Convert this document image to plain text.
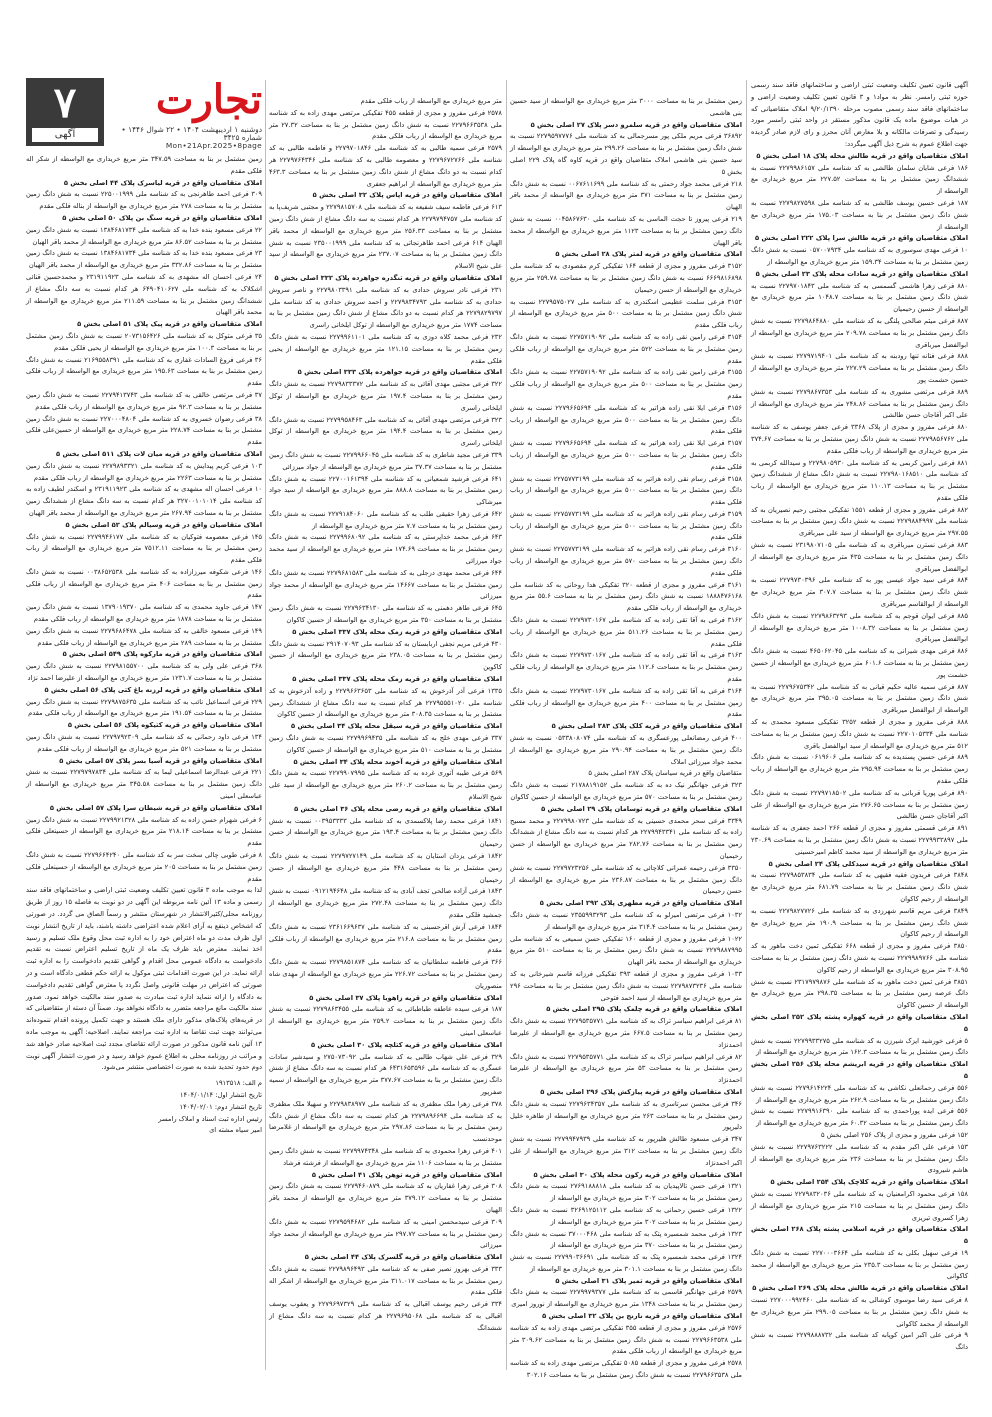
۷
آگهی
تجارت
دوشنبه ۱ اردیبهشت ۱۴۰۴ • ۲۲ شوال ۱۴۴۶ • شماره ۳۴۲۵
Mon•21Apr.2025•8page

آگهی قانون تعیین تکلیف وضعیت ثبتی اراضی و ساختمانهای فاقد سند رسمی حوزه ثبتی رامسر. نظر به مواد۱ و ۳ قانون تعیین تکلیف وضعیت اراضی و ساختمانهای فاقد سند رسمی مصوب مرحله ۹/۲۰/۱۳۹۰ املاک متقاضیانی که در هیات موضوع ماده یک قانون مذکور مستقر در واحد ثبتی رامسر مورد رسیدگی و تصرفات مالکانه و بلا معارض آنان محرز و رای لازم صادر گردیده جهت اطلاع عموم به شرح ذیل آگهی میگردد:

املاک متقاضیان واقع در قریه طالش محله پلاک ۱۸ اصلی بخش ۵

۱۸۶ فرعی شایان سلمان طالشی به کد شناسه ملی ۲۲۷۹۹۸۶۱۵۷ نسبت به ششدانگ زمین مشتمل بر بنا به مساحت ۲۲۷.۵۲ متر مربع خریداری مع الواسطه از

۱۸۷ فرعی حسین یوسف طالشی به کد شناسه ملی ۲۲۷۹۸۲۷۵۹۸ نسبت به شش دانگ زمین مشتمل بر بنا به مساحت ۱۷۵.۰۳ متر مربع خریداری مع الواسطه از

املاک متقاضیان واقع در قریه طالش سرا پلاک ۲۲۲ اصلی بخش ۵

۱۰ فرعی مهدی سوسوری به کد شناسه ملی ۰۵۷۰۰۷۹۳۴ نسبت به شش دانگ زمین مشتمل بر بنا به مساحت ۱۵۹.۳۴ متر مربع خریداری مع الواسطه از

املاک متقاضیان واقع در قریه سادات محله پلاک ۲۳ اصلی بخش ۵

۸۸۰ فرعی زهرا هاشمی گسمسی به کد شناسه ملی ۲۲۷۹۷۰۱۸۴۳ نسبت به شش دانگ زمین مشتمل بر بنا به مساحت ۱۰۴۸.۷ متر مربع خریداری مع الواسطه از حسین رحیمیان

۸۸۷ فرعی میثم صالحی پلنگی به کد شناسه ملی ۲۲۷۹۸۶۴۸۸۰ نسبت به شش دانگ زمین مشتمل بر بنا به مساحت ۲۰۹.۷۸ متر مربع خریداری مع الواسطه از ابوالفضل میرباقری

۸۸۸ فرعی فتانه تنها رودبنه به کد شناسه ملی ۲۲۷۹۷۱۹۴۰۱ نسبت به شش دانگ زمین مشتمل بر بنا به مساحت ۲۲۷.۲۹ متر مربع خریداری مع الواسطه از حسین حشمت پور

۸۸۹ فرعی مرتضی مشوری به کد شناسه ملی ۲۲۷۹۸۶۷۳۵۳ نسبت به شش دانگ زمین مشتمل بر بنا به مساحت ۲۴۸.۸۶ متر مربع خریداری مع الواسطه از علی اکبر آقاجان حسن طالشی

۸۸۰ فرعی مفروز و مجزی از پلاک ۳۳۶۸ فرعی جعفر یوسفی به کد شناسه ملی ۲۲۷۹۸۵۶۷۶۲ نسبت به شش دانگ زمین مشتمل بر بنا به مساحت ۳۷۴.۶۷ متر مربع خریداری مع الواسطه از رباب فلکی مقدم

۸۸۱ فرعی رامین کربمی به کد شناسه ملی ۲۲۷۹۸۰۵۹۳۰ و سیدالله کربمی به کد شناسه ملی ۲۲۷۹۸۰۱۶۸۵۱۰ نسبت به شش دانگ مشاع از ششدانگ زمین مشتمل بر بنا به مساحت ۱۱۰.۱۳ متر مربع خریداری مع الواسطه از رباب فلکی مقدم

۸۸۲ فرعی مفروز و مجزی از قطعه ۱۵۵۱ تفکیکی مجتبی رحیم نصیریان به کد شناسه ملی ۲۲۷۹۸۸۴۹۹۷ نسبت به شش دانگ زمین مشتمل بر بنا به مساحت ۲۹۷.۵۵ متر مربع خریداری مع الواسطه از سید علی میرباقری

۸۸۳ فرعی نسترن میرباقری به کد شناسه ملی ۲۳۱۹۸۰۷۱۰۵ نسبت به شش دانگ زمین مشتمل بر بنا به مساحت ۴۳۵ متر مربع خریداری مع الواسطه از ابوالفضل میرباقری

۸۸۴ فرعی سید جواد عیسی پور به کد شناسه ملی ۲۲۷۹۷۳۰۳۹۶ نسبت به شش دانگ زمین مشتمل بر بنا به مساحت ۳۰۷.۷ متر مربع خریداری مع الواسطه از ابوالقاسم میرباقری

۸۸۵ فرعی ایوان قوجم به کد شناسه ملی ۲۲۷۹۸۶۳۲۹۳ نسبت به شش دانگ زمین مشتمل بر بنا به مساحت ۱۰۰۸.۳۲ متر مربع خریداری مع الواسطه از ابوالفضل میرباقری

۸۸۶ فرعی مهدی شیرانی به کد شناسه ملی ۴۶۵۰۶۲۰۴۵ نسبت به شش دانگ زمین مشتمل بر بنا به مساحت ۶۰۱.۶ متر مربع خریداری مع الواسطه از حسین حشمت پور

۸۸۷ فرعی سمیه عالیه حکیم قیانی به کد شناسه ملی ۲۲۷۹۶۷۵۳۴۲ نسبت به شش دانگ زمین مشتمل بر بنا به مساحت ۳۹۵.۰۵ متر مربع خریداری مع الواسطه از ابوالفضل میرباقری

۸۸۸ فرعی مفروز و مجزی از قطعه ۳۲۵۲ تفکیکی مسعود محمدی به کد شناسه ملی ۲۲۷۰۱۰۵۳۳۴ نسبت به شش دانگ زمین مشتمل بر بنا به مساحت ۵۱۲ متر مربع خریداری مع الواسطه از سید ابوالفضل باقری

۸۸۹ فرعی حسین پسندیده به کد شناسه ملی ۰۶۱۹۶۰۶ نسبت به شش دانگ زمین مشتمل بر بنا به مساحت ۲۹۵.۹۴ متر مربع خریداری مع الواسطه از رباب فلکی مقدم

۸۹۰ فرعی پوریا قربانی به کد شناسه ملی ۲۲۷۹۷۱۸۵۰۲ نسبت به شش دانگ زمین مشتمل بر بنا به مساحت ۲۷۶.۶۵ متر مربع خریداری مع الواسطه از علی اکبر آقاجان حسن طالشی

۸۹۱ فرعی قسمتی مفروز و مجزی از قطعه ۲۶۶ احمد جعفری به کد شناسه ملی ۲۲۷۹۹۳۳۸۹۷ نسبت به شش دانگ زمین مشتمل بر بنا به مساحت ۲۳۰.۶۹ متر مربع خریداری مع الواسطه از سید محمد کاظم امیرحسینی

املاک متقاضیان واقع در قریه سیدکلی پلاک ۲۴ اصلی بخش ۵

۳۸۴۸ فرعی فریدون فقیه فقیهی به کد شناسه ملی ۲۲۷۹۸۵۳۸۳۴ نسبت به شش دانگ زمین مشتمل بر بنا به مساحت ۶۸۱.۷۹ متر مربع خریداری مع الواسطه از رحیم کاکوان

۳۸۴۹ فرعی مریم قاسم شهرزدی به کد شناسه ملی ۲۲۷۹۸۲۷۷۲۶ نسبت به شش دانگ زمین مشتمل بر بنا به مساحت ۱۹۰.۹ متر مربع خریداری مع الواسطه از رحیم کاکوان

۳۸۵۰ فرعی مفروز و مجزی از قطعه ۶۶۸ تفکیکی ثمین دخت ماهور به کد شناسه ملی ۲۲۷۹۹۸۹۷۶۶ نسبت به شش دانگ زمین مشتمل بر بنا به مساحت ۳۰۸.۹۵ متر مربع خریداری مع الواسطه از رحیم کاکوان

۳۸۵۱ فرعی ثمین دخت ماهور به کد شناسه ملی ۲۳۱۷۹۷۹۸۷۶ نسبت به شش دانگ عرصه زمین مشتمل بر بنا به مساحت ۲۹۸.۳۵ متر مربع خریداری مع الواسطه از حسین کاکوان

املاک متقاضیان واقع در قریه کهواره پشته پلاک ۲۵۲ اصلی بخش ۵

۵ فرعی خورشید ایزک شیرزن به کد شناسه ملی ۲۲۷۹۹۳۳۲۷۵ نسبت به شش دانگ زمین مشتمل بر بنا به مساحت ۱۶۲.۳ متر مربع خریداری مع الواسطه از

املاک متقاضیان واقع در قریه ابریشم محله پلاک ۲۵۶ اصلی بخش ۵

۵۵۶ فرعی رحمانعلی نکاشی به کد شناسه ملی ۲۲۷۹۶۱۴۲۲۴ نسبت به شش دانگ زمین مشتمل بر بنا به مساحت ۲۶۲.۹ متر مربع خریداری مع الواسطه از

۵۵۶ فرعی ایده پوراحمدی به کد شناسه ملی ۲۲۷۹۹۱۶۳۹۰ نسبت به شش دانگ زمین مشتمل بر بنا به مساحت ۶۰.۳۲ متر مربع خریداری مع الواسطه از

۱۵۲ فرعی مفروز و مجزی از پلاک ۲۵۶ اصلی بخش ۵

۱۵۳ فرعی علی اکبر مقدم به کد شناسه ملی ۲۲۷۹۷۶۳۲۲۲ نسبت به شش دانگ زمین مشتمل بر بنا به مساحت ۲۳۶ متر مربع خریداری مع الواسطه از هاشم شیرودی

املاک متقاضیان واقع در قریه کلاچک پلاک ۲۵۴ اصلی بخش ۵

۱۵۸ فرعی محمود اکرامعنیان به کد شناسه ملی ۲۲۷۹۸۳۲۰۳۶ نسبت به شش دانگ زمین مشتمل بر بنا به مساحت ۲۱۵ متر مربع خریداری مع الواسطه از زهرا کسروی تبریزی

املاک متقاضیان واقع در قریه اسلامی پشته پلاک ۲۶۸ اصلی بخش ۵

۱۹ فرعی سهیل بکلی به کد شناسه ملی ۲۲۷۰۰۰۳۶۶۴ نسبت به شش دانگ زمین مشتمل بر بنا به مساحت ۲۳۵.۳ متر مربع خریداری مع الواسطه از محمد کاکوانی

املاک متقاضیان واقع در قریه طالش محله پلاک ۲۶۹ اصلی بخش ۵

۸ فرعی سید رضا موسوی کوشالی به کد شناسه ملی ۲۲۷۰۰۰۹۹۲۴۶۰ نسبت به شش دانگ زمین مشتمل بر بنا به مساحت ۲۹۹.۰۵ متر مربع خریداری مع الواسطه از محمد کاکوانی

۹ فرعی علی اکبر امین کوپابه کد شناسه ملی ۲۲۷۹۸۸۸۷۳۲ نسبت به شش دانگ

زمین مشتمل بر بنا به مساحت ۳۰۰۰ متر مربع خریداری مع الواسطه از سید حسین بنی هاشمی

املاک متقاضیان واقع در قریه سلمرو دسر پلاک ۲۷ اصلی بخش ۵

۳۶۸۹۲ فرعی مریم ملکی پور مسرجمالی به کد شناسه ملی ۲۲۷۹۵۹۷۷۷۶ نسبت به شش دانگ زمین مشتمل بر بنا به مساحت ۲۹۹.۲۶ متر مربع خریداری مع الواسطه از سید حسین بنی هاشمی املاک متقاضیان واقع در قریه کاوه گاه پلاک ۲۲۹ اصلی بخش ۵

۲۱۸ فرعی محمد جواد رحمتی به کد شناسه ملی ۰۰۶۷۶۱۱۶۹۹ نسبت به شش دانگ زمین مشتمل بر بنا به مساحت ۳۷۱ متر مربع خریداری مع الواسطه از محمد باقر الهیان

۲۱۹ فرعی پیروز تا حجت الماسی به کد شناسه ملی ۰۰۴۵۸۶۷۶۳۰ نسبت به شش دانگ زمین مشتمل بر بنا به مساحت ۱۱۲۳ متر مربع خریداری مع الواسطه از محمد باقر الهیان

املاک متقاضیان واقع در قریه لمتر پلاک ۲۸ اصلی بخش ۵

۳۱۵۲ فرعی مفروز و مجزی از قطعه ۱۶۴ تفکیکی کرم مقصودی به کد شناسه ملی ۶۶۶۹۸۱۶۸۹۸ نسبت به شش دانگ زمین مشتمل بر بنا به مساحت ۲۵۹.۷۸ متر مربع خریداری مع الواسطه از حسن رحیمیان

۳۱۵۳ فرعی سلمت عظیمی اسکندری به کد شناسه ملی ۲۲۷۹۵۷۵۰۲۷ نسبت به شش دانگ زمین مشتمل بر بنا به مساحت ۵۰۰ متر مربع خریداری مع الواسطه از رباب فلکی مقدم

۳۱۵۴ فرعی رامین نقی زاده به کد شناسه ملی ۲۲۷۵۷۱۹۰۹۲ نسبت به شش دانگ زمین مشتمل بر بنا به مساحت ۵۲۲ متر مربع خریداری مع الواسطه از رباب فلکی مقدم

۳۱۵۵ فرعی رامین نقی زاده به کد شناسه ملی ۲۲۷۵۷۱۹۰۹۲ نسبت به شش دانگ زمین مشتمل بر بنا به مساحت ۵۰۰ متر مربع خریداری مع الواسطه از رباب فلکی مقدم

۳۱۵۶ فرعی ایلا نقی زاده هزاتیر به کد شناسه ملی ۲۲۷۹۶۶۵۶۹۴ نسبت به شش دانگ زمین مشتمل بر بنا به مساحت ۵۰۰ متر مربع خریداری مع الواسطه از رباب فلکی مقدم

۳۱۵۷ فرعی ایلا نقی زاده هزاتیر به کد شناسه ملی ۲۲۷۹۶۶۵۶۹۴ نسبت به شش دانگ زمین مشتمل بر بنا به مساحت ۵۰۰ متر مربع خریداری مع الواسطه از رباب فلکی مقدم

۳۱۵۸ فرعی رسام نقی زاده هزاتیر به کد شناسه ملی ۲۲۷۵۷۷۳۱۹۹ نسبت به شش دانگ زمین مشتمل بر بنا به مساحت ۵۰۰ متر مربع خریداری مع الواسطه از رباب فلکی مقدم

۳۱۵۹ فرعی رسام نقی زاده هزاتیر به کد شناسه ملی ۲۲۷۵۷۷۳۱۹۹ نسبت به شش دانگ زمین مشتمل بر بنا به مساحت ۵۰۰ متر مربع خریداری مع الواسطه از رباب فلکی مقدم

۳۱۶۰ فرعی رسام نقی زاده هزاتیر به کد شناسه ملی ۲۲۷۵۷۷۳۱۹۹ نسبت به شش دانگ زمین مشتمل بر بنا به مساحت ۵۷۰ متر مربع خریداری مع الواسطه از رباب فلکی مقدم

۳۱۶۱ فرعی مفروز و مجزی از قطعه ۳۲۰ تفکیکی هدا روحانی به کد شناسه ملی ۱۸۸۸۴۷۶۱۶۸ نسبت به شش دانگ زمین مشتمل بر بنا به مساحت ۵۵.۶ متر مربع خریداری مع الواسطه از رباب فلکی مقدم

۳۱۶۲ فرعی به آقا تقی زاده به کد شناسه ملی ۲۲۷۹۷۳۰۱۶۷ نسبت به شش دانگ زمین مشتمل بر بنا به مساحت ۵۱۱.۲۶ متر مربع خریداری مع الواسطه از رباب فلکی مقدم

۳۱۶۳ فرعی به آقا تقی زاده به کد شناسه ملی ۲۲۷۹۷۳۰۱۶۷ نسبت به شش دانگ زمین مشتمل بر بنا به مساحت ۱۱۲.۶ متر مربع خریداری مع الواسطه از رباب فلکی مقدم

۳۱۶۴ فرعی به آقا تقی زاده به کد شناسه ملی ۲۲۷۹۷۳۰۱۶۷ نسبت به شش دانگ زمین مشتمل بر بنا به مساحت ۴۰۰ متر مربع خریداری مع الواسطه از رباب فلکی مقدم

املاک متقاضیان واقع در قریه کلک پلاک ۲۸۳ اصلی بخش ۵

۴۰۰ فرعی رمضانعلی پورعسگری به کد شناسه ملی ۰۵۳۳۸۰۸۰۷۴ نسبت به شش دانگ زمین مشتمل بر بنا به مساحت ۲۹۰.۹۴ متر مربع خریداری مع الواسطه از محمد جواد میرزائی املاک

متقاضیان واقع در قریه سیاسان پلاک ۲۸۷ اصلی بخش ۵

۳۲۳ فرعی جهانگیر نیک ده به کد شناسه ملی ۲۱۷۸۸۱۹۱۵۲ نسبت به شش دانگ زمین مشتمل بر بنا به مساحت ۵۷۰ متر مربع خریداری مع الواسطه از حسین کاکوان

املاک متقاضیان واقع در قریه توسامان پلاک ۲۹ اصلی بخش ۵

۳۳۴۹ فرعی سحر محمدی حسینی به کد شناسه ملی ۲۲۷۹۹۸۰۷۲۳ و محمد مسیح زاده به کد شناسه ملی ۲۲۷۹۹۴۳۳۴۱ هر کدام نسبت به سه دانگ مشاع از ششدانگ زمین مشتمل بر بنا به مساحت ۲۸۲.۷۶ متر مربع خریداری مع الواسطه از حسن رحیمیان

۳۳۵۰ فرعی رحیمه عمرانی کلاچائی به کد شناسه ملی ۲۲۷۹۷۲۳۲۵۶ نسبت به شش دانگ زمین مشتمل بر بنا به مساحت ۲۳۶.۸۷ متر مربع خریداری مع الواسطه از حسن رحیمیان

املاک متقاضیان واقع در قریه مطهری پلاک ۲۹۲ اصلی بخش ۵

۱۰۳۲ فرعی مرتضی امیرلو به کد شناسه ملی ۲۳۵۵۹۹۳۲۹۳ نسبت به شش دانگ زمین مشتمل بر بنا به مساحت ۳۱۴.۴ متر مربع خریداری مع الواسطه از

۱۰۲۲ فرعی مفروز و مجزی از قطعه ۱۶۰ تفکیکی حسن سمیعی به کد شناسه ملی ۲۲۷۹۸۸۷۹۹۵ نسبت به شش دانگ زمین مشتمل بر بنا به مساحت ۵۱۰ متر مربع خریداری مع الواسطه از محمد باقر الهیان

۱۰۳۳ فرعی مفروز و مجزی از قطعه ۳۹۳ تفکیکی فرزانه قاسم شیرخانی به کد شناسه ملی ۲۲۷۹۸۷۳۲۳۶ نسبت به شش دانگ زمین مشتمل بر بنا به مساحت ۲۹۶ متر مربع خریداری مع الواسطه از سید احمد فتوحی

املاک متقاضیان واقع در قریه چلمک پلاک ۲۹۵ اصلی بخش ۵

۸۱ فرعی ابراهیم سیاسر تراک به کد شناسه ملی ۲۲۷۹۵۳۵۷۷۱ نسبت به شش دانگ زمین مشتمل بر بنا به مساحت ۶۶۷.۵ متر مربع خریداری مع الواسطه از علیرضا احمدنژاد

۸۲ فرعی ابراهیم سیاسر تراک به کد شناسه ملی ۲۲۷۹۵۳۵۷۷۱ نسبت به شش دانگ زمین مشتمل بر بنا به مساحت ۵۳ متر مربع خریداری مع الواسطه از علیرضا احمدنژاد

املاک متقاضیان واقع در قریه پیازکش پلاک ۲۹۶ اصلی بخش ۵

۳۴۶ فرعی محسن سرتاسری به کد شناسه ملی ۲۲۷۹۶۳۴۳۵۷ نسبت به شش دانگ زمین مشتمل بر بنا به مساحت ۲۶۳ متر مربع خریداری مع الواسطه از طاهره خلیل دلیرپور

۳۴۷ فرعی مسعود طالش هلیرپور به کد شناسه ملی ۲۲۷۹۹۴۷۹۳۹ نسبت به شش دانگ زمین مشتمل بر بنا به مساحت ۳۱۲ متر مربع خریداری مع الواسطه از علی اکبر احمدنژاد

املاک متقاضیان واقع در قریه زکون محله پلاک ۳۰ اصلی بخش ۵

۱۳۲۱ فرعی حسن تالاپیدیان به کد شناسه ملی ۲۷۶۹۱۸۸۸۱۸ نسبت به شش دانگ زمین مشتمل بر بنا به مساحت ۳۰۲ متر مربع خریداری مع الواسطه از

۱۳۲۲ فرعی حسین رحمانی به کد شناسه ملی ۳۲۶۹۱۲۵۱۱۲ نسبت به شش دانگ زمین مشتمل بر بنا به مساحت ۳۰۲ متر مربع خریداری مع الواسطه از

۱۳۲۳ فرعی محمد شمسیره پتک به کد شناسه ملی ۳۷۰۰۰۴۶۸ نسبت به شش دانگ زمین مشتمل بر بنا به مساحت ۳۷۰ متر مربع خریداری مع الواسطه از

۱۳۲۴ فرعی محمد شمسیره پتک به کد شناسه ملی ۲۲۷۹۹۰۳۶۶۹۱ نسبت به شش دانگ زمین مشتمل بر بنا به مساحت ۳۰۱.۱ متر مربع خریداری مع الواسطه از

املاک متقاضیان واقع در قریه تمیر پلاک ۳۱ اصلی بخش ۵

۲۵۷۹ فرعی جهانگیر قاسمی به کد شناسه ملی ۲۲۷۹۹۷۹۳۷۷ نسبت به شش دانگ زمین مشتمل بر بنا به مساحت ۱۳۴۸ متر مربع خریداری مع الواسطه از نوروز امیری

املاک متقاضیان واقع در قریه نارنج بن پلاک ۳۲ اصلی بخش ۵

۲۵۷۶ فرعی مفروز و مجزی از قطعه ۳۵۵ تفکیکی مرتضی مهدی زاده به کد شناسه ملی ۲۲۷۹۶۶۳۵۳۸ نسبت به شش دانگ زمین مشتمل بر بنا به مساحت ۳۰۹.۶۲ متر مربع خریداری مع الواسطه از رباب فلکی مقدم

۲۵۷۸ فرعی مفروز و مجزی از قطعه ۵۰۸۵ تفکیکی مرتضی مهدی زاده به کد شناسه ملی ۲۲۷۹۶۶۳۵۳۸ نسبت به شش دانگ زمین مشتمل بر بنا به مساحت ۳۰۲.۱۶

متر مربع خریداری مع الواسطه از رباب فلکی مقدم

۲۵۷۸ فرعی مفروز و مجزی از قطعه ۴۵۵ تفکیکی مرتضی مهدی زاده به کد شناسه ملی ۲۲۷۹۶۶۳۵۳۸ نسبت به شش دانگ زمین مشتمل بر بنا به مساحت ۲۷.۳۲ متر مربع خریداری مع الواسطه از رباب فلکی مقدم

۲۵۷۹ فرعی سمیه طالبی به کد شناسه ملی ۲۲۷۹۷۰۱۸۴۶ و فاطمه طالبی به کد شناسه ملی ۲۲۷۹۶۷۲۷۶۶ و معصومه طالبی به کد شناسه ملی ۲۲۷۹۷۶۴۳۴۶ هر کدام نسبت به دو دانگ مشاع از شش دانگ زمین مشتمل بر بنا به مساحت ۴۶۳.۳ متر مربع خریداری مع الواسطه از ابراهیم جعفری

املاک متقاضیان واقع در قریه اپاس پلاک ۳۲ اصلی بخش ۵

۶۱۳ فرعی فاطمه سیف شفیعه به کد شناسه ملی ۲۲۷۹۸۱۵۷۰۸ و مجتبی شریف‌پا به کد شناسه ملی ۲۲۷۹۷۹۴۷۵۷ هر کدام نسبت به سه دانگ مشاع از شش دانگ زمین مشتمل بر بنا به مساحت ۲۵۶.۳۳ متر مربع خریداری مع الواسطه از محمد باقر الهیان ۶۱۴ فرعی احمد طاهرنجاتی به کد شناسه ملی ۲۳۵۰۰۱۹۹۹ نسبت به شش دانگ زمین مشتمل بر بنا به مساحت ۲۳۷.۰۷ متر مربع خریداری مع الواسطه از سید علی شیخ الاسلام

املاک متقاضیان واقع در قریه تنگدره جواهرده پلاک ۳۳۲ اصلی بخش ۵

۲۳۱ فرعی نادر سروش حدادی به کد شناسه ملی ۲۲۷۹۸۰۳۳۹۱ و ناصر سروش حدادی به کد شناسه ملی ۲۲۷۹۸۳۴۷۹۳ و احمد سروش حدادی به کد شناسه ملی ۲۲۷۹۸۲۹۷۹۷ هر کدام نسبت به دو دانگ مشاع از شش دانگ زمین مشتمل بر بنا به مساحت ۱۷۷۴ متر مربع خریداری مع الواسطه از توکل ایلخانی راسری

۲۳۲ فرعی محمد کلاه دوزی به کد شناسه ملی ۲۲۷۹۹۶۱۱۰۱ نسبت به شش دانگ زمین مشتمل بر بنا به مساحت ۱۲۱.۱۵ متر مربع خریداری مع الواسطه از یحیی فلکی مقدم

املاک متقاضیان واقع در قریه جواهرده پلاک ۳۳۳ اصلی بخش ۵

۳۲۲ فرعی مجتبی مهدی آقائی به کد شناسه ملی ۲۲۷۹۸۳۳۳۷۲ نسبت به شش دانگ زمین مشتمل بر بنا به مساحت ۱۹۷.۴ متر مربع خریداری مع الواسطه از توکل ایلخانی راسری

۳۲۳ فرعی مرتضی مهدی آقائی به کد شناسه ملی ۲۲۷۹۹۵۸۴۶۳ نسبت به شش دانگ زمین مشتمل بر بنا به مساحت ۱۹۴.۴ متر مربع خریداری مع الواسطه از توکل ایلخانی راسری

۳۳۹ فرعی مجید شاطری به کد شناسه ملی ۲۲۷۹۹۶۶۰۴۵ نسبت به شش دانگ زمین مشتمل بر بنا به مساحت ۳۷.۳۷ متر مربع خریداری مع الواسطه از جواد میرزائی

۶۴۱ فرعی فرشید شمعیانی به کد شناسه ملی ۲۲۷۰۰۱۶۱۳۹۴ نسبت به شش دانگ زمین مشتمل بر بنا به مساحت ۸۸۸.۸ متر مربع خریداری مع الواسطه از سید جواد میرشاکی

۶۴۲ فرعی زهرا حقیقی طلب به کد شناسه ملی ۲۲۷۹۱۸۴۰۶۰ نسبت به شش دانگ زمین مشتمل بر بنا به مساحت ۷.۷ متر مربع خریداری مع الواسطه از

۶۴۳ فرعی محمد خداپرستی به کد شناسه ملی ۲۲۷۹۹۶۸۰۹۲ نسبت به شش دانگ زمین مشتمل بر بنا به مساحت ۱۷۴.۶۹ متر مربع خریداری مع الواسطه از سید محمد جواد میرزائی

۶۴۴ فرعی محمد مهدی درجلی به کد شناسه ملی ۲۲۷۹۶۸۱۵۸۳ نسبت به شش دانگ زمین مشتمل بر بنا به مساحت ۱۴۶۶۷ متر مربع خریداری مع الواسطه از محمد جواد میرزائی

۶۴۵ فرعی طاهر دهمنی به کد شناسه ملی ۲۲۷۹۶۳۴۱۳۰ نسبت به شش دانگ زمین مشتمل بر بنا به مساحت ۳۵۰ متر مربع خریداری مع الواسطه از حسین کاکوان

املاک متقاضیان واقع در قریه زمک محله پلاک ۳۳۷ اصلی بخش ۵

۴۳۰ فرعی مریم نجفی اربابستان به کد شناسه ملی ۲۹۱۴۰۷۰۹۳ نسبت به شش دانگ زمین مشتمل بر بنا به مساحت ۲۳۸.۰۵ متر مربع خریداری مع الواسطه از حسین کاکوین

املاک متقاضیان واقع در قریه زمک محله پلاک ۳۳۷ اصلی بخش ۵

۱۳۳۵ فرعی آذر آذرخوش به کد شناسه ملی ۲۲۷۹۶۶۳۶۵۳ و زاده آذرخوش به کد شناسه ملی ۲۲۷۹۵۵۵۱۰۲۰ هر کدام نسبت به سه دانگ مشاع از ششدانگ زمین مشتمل بر بنا به مساحت ۳۰۸.۳۵ متر مربع خریداری مع الواسطه از حسین کاکوان

املاک متقاضیان واقع در قریه سیقل محله پلاک ۳۴ اصلی بخش ۵

۳۳۷ فرعی مهدی خلج به کد شناسه ملی ۲۲۷۹۹۶۹۴۳۵ نسبت به شش دانگ زمین مشتمل بر بنا به مساحت ۵۱۰ متر مربع خریداری مع الواسطه از حسین کاکوان

املاک متقاضیان واقع در قریه آخوند محله پلاک ۳۴ اصلی بخش ۵

۵۶۹ فرعی طیبه آتوری غرده به کد شناسه ملی ۲۲۷۹۹۰۷۹۹۵ نسبت به شش دانگ زمین مشتمل بر بنا به مساحت ۲۶۰.۲ متر مربع خریداری مع الواسطه از سید علی شیخ الاسلام

املاک متقاضیان واقع در قریه رضی محله پلاک ۳۶ اصلی بخش ۵

۱۸۴۱ فرعی محمد رضا پلاکسمدی به کد شناسه ملی ۰۰۳۹۵۳۳۳۳ نسبت به شش دانگ زمین مشتمل بر بنا به مساحت ۱۹۳.۴ متر مربع خریداری مع الواسطه از حسن رحیمیان

۱۸۴۲ فرعی یزدان استایان به کد شناسه ملی ۲۲۷۹۷۲۷۱۴۹ نسبت به شش دانگ زمین مشتمل بر بنا به مساحت ۴۴۸ متر مربع خریداری مع الواسطه از حسن رحیمیان

۱۸۴۳ فرعی آزاده صالحی تجف آبادی به کد شناسه ملی ۰۹۱۲۱۹۴۶۴۸ نسبت به شش دانگ زمین مشتمل بر بنا به مساحت ۲۷۲.۴۸ متر مربع خریداری مع الواسطه از جمشید فلکی مقدم

۱۸۴۴ فرعی آرش اقرحسینی به کد شناسه ملی ۲۳۶۱۶۶۹۶۳۷ نسبت به شش دانگ زمین مشتمل بر بنا به مساحت ۲۱۶.۸ متر مربع خریداری مع الواسطه از رباب فلکی مقدم

۳۶۶ فرعی فاطمه سلطانیان به کد شناسه ملی ۲۲۷۹۸۵۱۸۷۴ نسبت به شش دانگ زمین مشتمل بر بنا به مساحت ۲۲۶.۷۲ متر مربع خریداری مع الواسطه از مهدی شاه منصوریان

املاک متقاضیان واقع در قریه زاهوبا پلاک ۳۷ اصلی بخش ۵

۱۸۷ فرعی سیده عاطفه طباطبائی به کد شناسه ملی ۲۲۷۹۸۶۳۴۵۵ نسبت به شش دانگ زمین مشتمل بر بنا به مساحت ۲۵۹.۲ متر مربع خریداری مع الواسطه از عباسعلی امینی

املاک متقاضیان واقع در قریه کتلچه پلاک ۳۰ اصلی بخش ۵

۳۲۹ فرعی علی شهاب طالبی به کد شناسه ملی ۲۷۵۰۷۳۰۹۲ و سیدشیر سادات عسگری به کد شناسه ملی ۶۴۳۱۶۵۳۵۹۶ هر کدام نسبت به سه دانگ مشاع از شش دانگ زمین مشتمل بر بنا به مساحت ۳۷۷.۶۷ متر مربع خریداری مع الواسطه از سمیه صفرپور

۳۷۸ فرعی زهرا ملک مظفری به کد شناسه ملی ۲۲۷۹۸۳۸۹۷۷ و سهیلا ملک مظفری به کد شناسه ملی ۲۲۷۹۸۹۶۶۹۴ هر کدام نسبت به سه دانگ مشاع از شش دانگ زمین مشتمل بر بنا به مساحت ۲۹۷.۸۶ متر مربع خریداری مع الواسطه از غلامرضا موحدنسب

۴۰۱ فرعی زهرا محمودی به کد شناسه ملی ۲۲۷۹۹۷۴۳۴۸ نسبت به شش دانگ زمین مشتمل بر بنا به مساحت ۱۱۰۶ متر مربع خریداری مع الواسطه از فرشته فرشاد

املاک متقاضیان واقع در قریه توهن پلاک ۴۱ اصلی بخش ۵

۳۰۸ فرعی زهرا غفاریان به کد شناسه ملی ۲۲۷۹۴۶۰۸۷۹ نسبت به شش دانگ زمین مشتمل بر بنا به مساحت ۳۷۹.۱۲ متر مربع خریداری مع الواسطه از محمد باقر الهیان

۳۰۹ فرعی سیدمحسن امینی به کد شناسه ملی ۲۲۷۹۵۹۴۶۸۲ نسبت به شش دانگ زمین مشتمل بر بنا به مساحت ۲۹۷.۷۲ متر مربع خریداری مع الواسطه از محمد جواد میرزائی

املاک متقاضیان واقع در قریه گلسرک پلاک ۴۴ اصلی بخش ۵

۳۳۳ فرعی بهروز نصیر صفی به کد شناسه ملی ۲۲۷۹۸۹۶۴۹۳ نسبت به شش دانگ زمین مشتمل بر بنا به مساحت ۳۱۱.۰۱۷ متر مربع خریداری مع الواسطه از اشکر اله فلکی مقدم

۳۳۴ فرعی رحیم یوسف اقبالی به کد شناسه ملی ۲۲۷۹۶۹۷۳۲۹ و یعقوب یوسف اقبالی به کد شناسه ملی ۲۲۷۹۶۹۵۰۶۸ هر کدام نسبت به سه دانگ مشاع از ششدانگ

زمین مشتمل بر بنا به مساحت ۳۴۷.۵۹ متر مربع خریداری مع الواسطه از شکر اله فلکی مقدم

املاک متقاضیان واقع در قریه لیاسرک پلاک ۴۴ اصلی بخش ۵

۳۰۹ فرعی احمد طاهرنجی به کد شناسه ملی ۲۲۵۰۰۱۹۹۹ نسبت به شش دانگ زمین مشتمل بر بنا به مساحت ۲۷۸ متر مربع خریداری مع الواسطه از بناله فلکی مقدم

املاک متقاضیان واقع در قریه سنگ بن پلاک ۵۰ اصلی بخش ۵

۲۲ فرعی مسعود بنده خدا به کد شناسه ملی ۱۳۸۴۶۸۱۷۳۴ نسبت به شش دانگ زمین مشتمل بر بنا به مساحت ۸۶.۵۲ متر مربع خریداری مع الواسطه از محمد باقر الهیان

۲۳ فرعی مسعود بنده خدا به کد شناسه ملی ۱۳۸۴۶۸۱۷۳۴ نسبت به شش دانگ زمین مشتمل بر بنا به مساحت ۳۳۲.۸۶ متر مربع خریداری مع الواسطه از محمد باقر الهیان

۲۴ فرعی احسان اله مشهدی به کد شناسه ملی ۲۳۱۹۱۱۹۲۳ و محمدحسین قنائی اشکلاک به کد شناسه ملی ۶۴۹۰۴۱۰۶۲۷ هر کدام نسبت به سه دانگ مشاع از ششدانگ زمین مشتمل بر بنا به مساحت ۲۱۱.۵۹ متر مربع خریداری مع الواسطه از محمد باقر الهیان

املاک متقاضیان واقع در قریه پیک پلاک ۵۱ اصلی بخش ۵

۳۵ فرعی متوکل به کد شناسه ملی ۲۰۷۳۱۵۶۴۲۶ نسبت به شش دانگ زمین مشتمل بر بنا به مساحت ۱۰۰.۳ متر مربع خریداری مع الواسطه از یحیی فلکی مقدم

۳۶ فرعی فروغ السادات غفاری به کد شناسه ملی ۲۱۶۹۵۵۸۳۹۱ نسبت به شش دانگ زمین مشتمل بر بنا به مساحت ۱۹۵.۶۳ متر مربع خریداری مع الواسطه از رباب فلکی مقدم

۳۷ فرعی مرتضی خالقی به کد شناسه ملی ۲۲۷۹۴۱۳۷۴۳ نسبت به شش دانگ زمین مشتمل بر بنا به مساحت ۹۲.۳ متر مربع خریداری مع الواسطه از رباب فلکی مقدم

۳۸ فرعی رضوان خسروی به کد شناسه ملی ۲۲۷۰۰۰۴۸۰۴ نسبت به شش دانگ زمین مشتمل بر بنا به مساحت ۲۲۸.۷۴ متر مربع خریداری مع الواسطه از حسین‌علی فلکی مقدم

املاک متقاضیان واقع در قریه میان لات پلاک ۵۱۱ اصلی بخش ۵

۱۰۳ فرعی کریم پیدایش به کد شناسه ملی ۲۲۷۹۸۹۳۳۲۱ نسبت به شش دانگ زمین مشتمل بر بنا به مساحت ۲۲۶۳ متر مربع خریداری مع الواسطه از رباب فلکی مقدم

۱۰ فرعی احسان اله مشهدی به کد شناسه ملی ۲۳۱۹۱۱۹۲۳ و اسکندر لطیف زاده به کد شناسه ملی ۳۲۷۰۰۱۰۱۰۱۴ هر کدام نسبت به سه دانگ مشاع از ششدانگ زمین مشتمل بر بنا به مساحت ۲۶۷.۹۴ متر مربع خریداری مع الواسطه از محمد باقر الهیان

املاک متقاضیان واقع در قریه وسیالم پلاک ۵۲ اصلی بخش ۵

۱۴۵ فرعی معصومه فتوکیان به کد شناسه ملی ۲۲۷۹۹۴۶۱۷۷ نسبت به شش دانگ زمین مشتمل بر بنا به مساحت ۷۵۱۲.۱۱ متر مربع خریداری مع الواسطه از رباب فلکی مقدم

۱۴۶ فرعی شکوفه میرزازاده به کد شناسه ملی ۰۰۳۸۶۵۲۵۳۸ نسبت به شش دانگ زمین مشتمل بر بنا به مساحت ۴۰۶ متر مربع خریداری مع الواسطه از رباب فلکی مقدم

۱۴۷ فرعی جاوید محمدی به کد شناسه ملی ۱۳۷۹۰۱۹۳۷۰ نسبت به شش دانگ زمین مشتمل بر بنا به مساحت ۱۸۷۸ متر مربع خریداری مع الواسطه از رباب فلکی مقدم

۱۴۹ فرعی مسعود خالقی به کد شناسه ملی ۲۲۷۹۶۸۶۴۷۸ نسبت به شش دانگ زمین مشتمل بر بنا به مساحت ۲۸۹ متر مربع خریداری مع الواسطه از رباب فلکی مقدم

املاک متقاضیان واقع در قریه مارکوه پلاک ۵۴۹ اصلی بخش ۵

۳۶۸ فرعی علی ولی به کد شناسه ملی ۲۲۷۹۸۱۵۵۷۰۰ نسبت به شش دانگ زمین مشتمل بر بنا به مساحت ۱۲۳۱.۷ متر مربع خریداری مع الواسطه از علیرضا احمد نژاد

املاک متقاضیان واقع در قریه لرزنه باغ کتی پلاک ۵۶ اصلی بخش ۵

۲۲۹ فرعی اسماعیل نائب به کد شناسه ملی ۲۲۷۹۸۷۵۶۳۵ نسبت به شش دانگ زمین مشتمل بر بنا به مساحت ۱۹۱.۵۴ متر مربع خریداری مع الواسطه از رباب فلکی مقدم

املاک متقاضیان واقع در قریه کتیکوه پلاک ۵۶ اصلی بخش ۵

۱۳۴ فرعی داود رحمانی به کد شناسه ملی ۲۲۷۹۷۹۲۳۰۹ نسبت به شش دانگ زمین مشتمل بر بنا به مساحت ۵۲۱ متر مربع خریداری مع الواسطه از رباب فلکی مقدم

املاک متقاضیان واقع در قریه آسیا بسر پلاک ۵۷ اصلی بخش ۵

۲۲۱ فرعی عبدالرضا اسماعیلی لیما به کد شناسه ملی ۲۲۷۹۷۹۷۸۳۴ نسبت به شش دانگ زمین مشتمل بر بنا به مساحت ۳۴۵.۵۸ متر مربع خریداری مع الواسطه از عباسعلی امینی

املاک متقاضیان واقع در قریه شیطان سرا پلاک ۵۷ اصلی بخش ۵

۶ فرعی شهرام حسن زاده به کد شناسه ملی ۲۲۷۹۹۲۱۳۲۸ نسبت به شش دانگ زمین مشتمل بر بنا به مساحت ۲۱۸.۱۴ متر مربع خریداری مع الواسطه از حسینعلی فلکی مقدم

۸ فرعی طوبی چالی سخت سر به کد شناسه ملی ۲۲۷۹۶۶۴۲۴۰ نسبت به شش دانگ زمین مشتمل بر بنا به مساحت ۲۰۵ متر مربع خریداری مع الواسطه از حسینعلی فلکی مقدم

لذا به موجب ماده ۳ قانون تعیین تکلیف وضعیت ثبتی اراضی و ساختمانهای فاقد سند رسمی و ماده ۱۳ آئین نامه مربوطه این آگهی در دو نوبت به فاصله ۱۵ روز از طریق روزنامه محلی/کثیرالانتشار در شهرستان منتشر و رسماً الصاق می گردد. در صورتی که اشخاص ذینفع به آرای اعلام شده اعتراضی داشته باشند، باید از تاریخ انتشار نوبت اول ظرف مدت دو ماه اعتراض خود را به اداره ثبت محل وقوع ملک تسلیم و رسید اخذ نمایند. معترض باید ظرف یک ماه از تاریخ تسلیم اعتراض نسبت به تقدیم دادخواست به دادگاه عمومی محل اقدام و گواهی تقدیم دادخواست را به اداره ثبت ارائه نماید. در این صورت اقدامات ثبتی موکول به ارائه حکم قطعی دادگاه است و در صورتی که اعتراض در مهلت قانونی واصل نگردد یا معترض گواهی تقدیم دادخواست به دادگاه را ارائه ننماید اداره ثبت مبادرت به صدور سند مالکیت خواهد نمود. صدور سند مالکیت مانع مراجعه متضرر به دادگاه نخواهد بود. ضمناً آن دسته از متقاضیانی که در قریه‌های پلاک‌های مذکور دارای ملک هستند و جهت تکمیل پرونده اقدام ننموده‌اند می‌توانند جهت ثبت تقاضا به اداره ثبت مراجعه نمایند. اصلاحیه: آگهی به موجب ماده ۱۳ آئین نامه قانون مذکور در صورت ارائه تقاضای مجدد ثبت اصلاحیه صادر خواهد شد و مراتب در روزنامه محلی به اطلاع عموم خواهد رسید و در صورت انتشار آگهی نوبت دوم حدود تحدید شده به صورت اختصاصی منتشر می‌شود.

م الف: ۱۹۱۳۵۱۸

تاریخ انتشار اول: ۱۴۰۴/۰۱/۱۴

تاریخ انتشار دوم: ۱۴۰۴/۰۲/۰۱

رئیس اداره ثبت اسناد و املاک رامسر

امیر سیاه مشته ای
